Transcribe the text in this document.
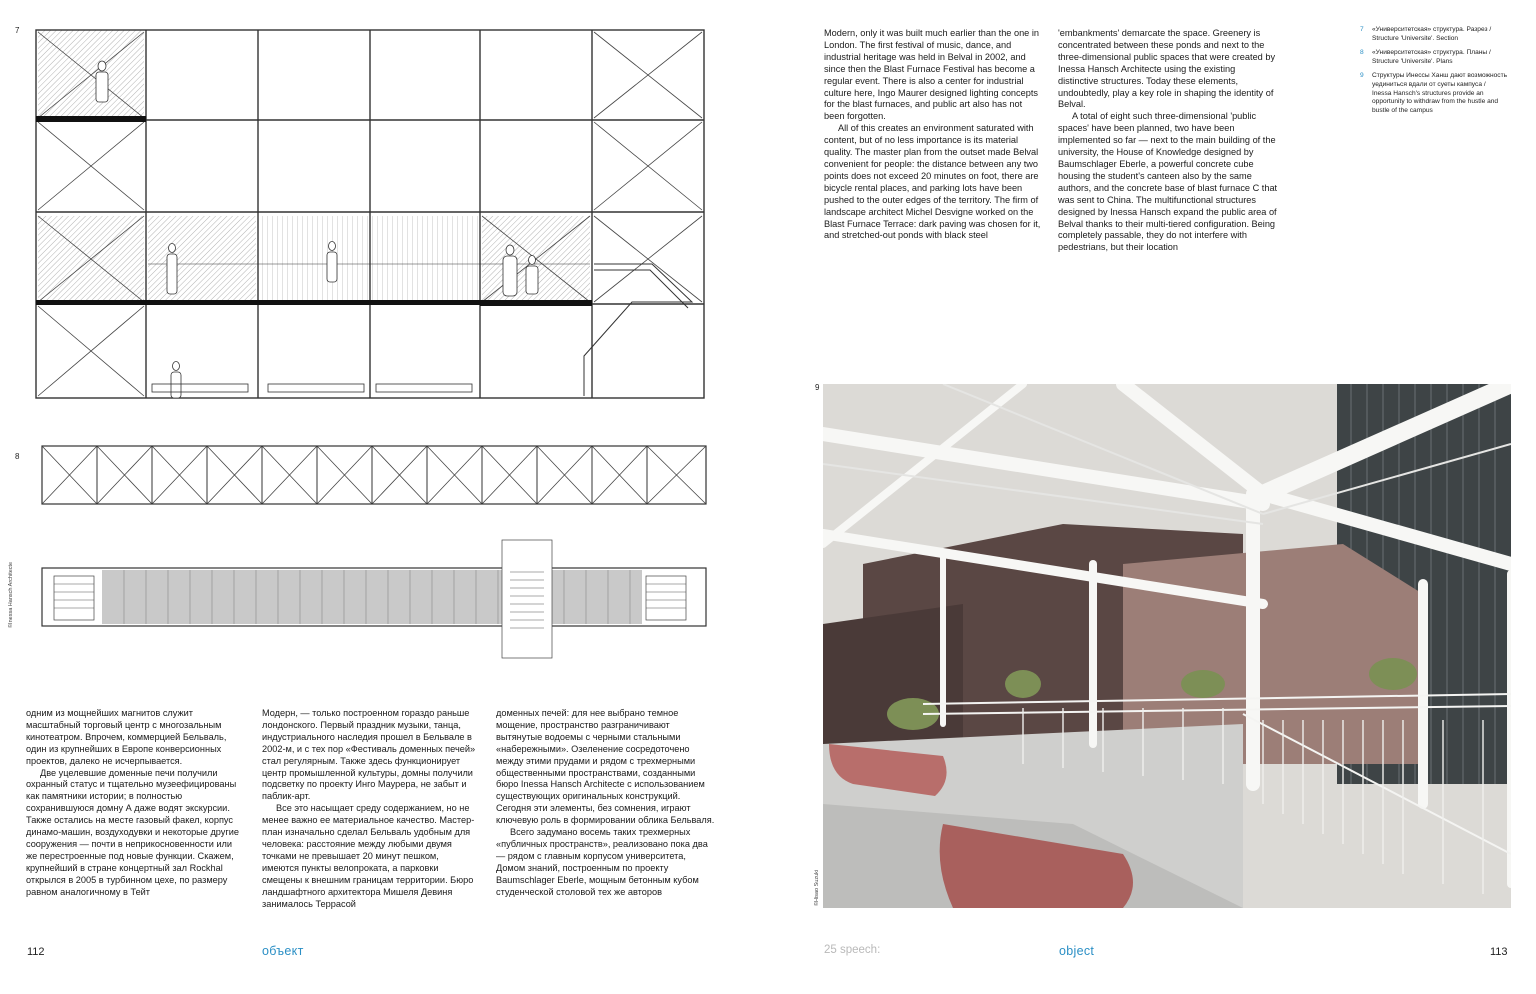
7
8
©Inessa Hansch Architecte

одним из мощнейших магнитов служит масштабный торговый центр с многозальным кинотеатром. Впрочем, коммерцией Бельваль, один из крупнейших в Европе конверсионных проектов, далеко не исчерпывается.

Две уцелевшие доменные печи получили охранный статус и тщательно музеефицированы как памятники истории; в полностью сохранившуюся домну А даже водят экскурсии. Также остались на месте газовый факел, корпус динамо-машин, воздуходувки и некоторые другие сооружения — почти в неприкосновенности или же перестроенные под новые функции. Скажем, крупнейший в стране концертный зал Rockhal открылся в 2005 в турбинном цехе, по размеру равном аналогичному в Тейт

Модерн, — только построенном гораздо раньше лондонского. Первый праздник музыки, танца, индустриального наследия прошел в Бельвале в 2002-м, и с тех пор «Фестиваль доменных печей» стал регулярным. Также здесь функционирует центр промышленной культуры, домны получили подсветку по проекту Инго Маурера, не забыт и паблик-арт.

Все это насыщает среду содержанием, но не менее важно ее материальное качество. Мастер-план изначально сделал Бельваль удобным для человека: расстояние между любыми двумя точками не превышает 20 минут пешком, имеются пункты велопроката, а парковки смещены к внешним границам территории. Бюро ландшафтного архитектора Мишеля Девиня занималось Террасой

доменных печей: для нее выбрано темное мощение, пространство разграничивают вытянутые водоемы с черными стальными «набережными». Озеленение сосредоточено между этими прудами и рядом с трехмерными общественными пространствами, созданными бюро Inessa Hansch Architecte с использованием существующих оригинальных конструкций. Сегодня эти элементы, без сомнения, играют ключевую роль в формировании облика Бельваля.

Всего задумано восемь таких трехмерных «публичных пространств», реализовано пока два — рядом с главным корпусом университета, Домом знаний, построенным по проекту Baumschlager Eberle, мощным бетонным кубом студенческой столовой тех же авторов

112	объект

Modern, only it was built much earlier than the one in London. The first festival of music, dance, and industrial heritage was held in Belval in 2002, and since then the Blast Furnace Festival has become a regular event. There is also a center for industrial culture here, Ingo Maurer designed lighting concepts for the blast furnaces, and public art also has not been forgotten.

All of this creates an environment saturated with content, but of no less importance is its material quality. The master plan from the outset made Belval convenient for people: the distance between any two points does not exceed 20 minutes on foot, there are bicycle rental places, and parking lots have been pushed to the outer edges of the territory. The firm of landscape architect Michel Desvigne worked on the Blast Furnace Terrace: dark paving was chosen for it, and stretched-out ponds with black steel

'embankments' demarcate the space. Greenery is concentrated between these ponds and next to the three-dimensional public spaces that were created by Inessa Hansch Architecte using the existing distinctive structures. Today these elements, undoubtedly, play a key role in shaping the identity of Belval.

A total of eight such three-dimensional 'public spaces' have been planned, two have been implemented so far — next to the main building of the university, the House of Knowledge designed by Baumschlager Eberle, a powerful concrete cube housing the student's canteen also by the same authors, and the concrete base of blast furnace C that was sent to China. The multifunctional structures designed by Inessa Hansch expand the public area of Belval thanks to their multi-tiered configuration. Being completely passable, they do not interfere with pedestrians, but their location

7 «Университетская» структура. Разрез /
Structure 'Universite'. Section
8 «Университетская» структура. Планы /
Structure 'Universite'. Plans
9 Структуры Инессы Ханш дают возможность уединиться вдали от суеты кампуса /
Inessa Hansch's structures provide an opportunity to withdraw from the hustle and bustle of the campus
9
©Hisao Suzuki
25 speech:	object	113
